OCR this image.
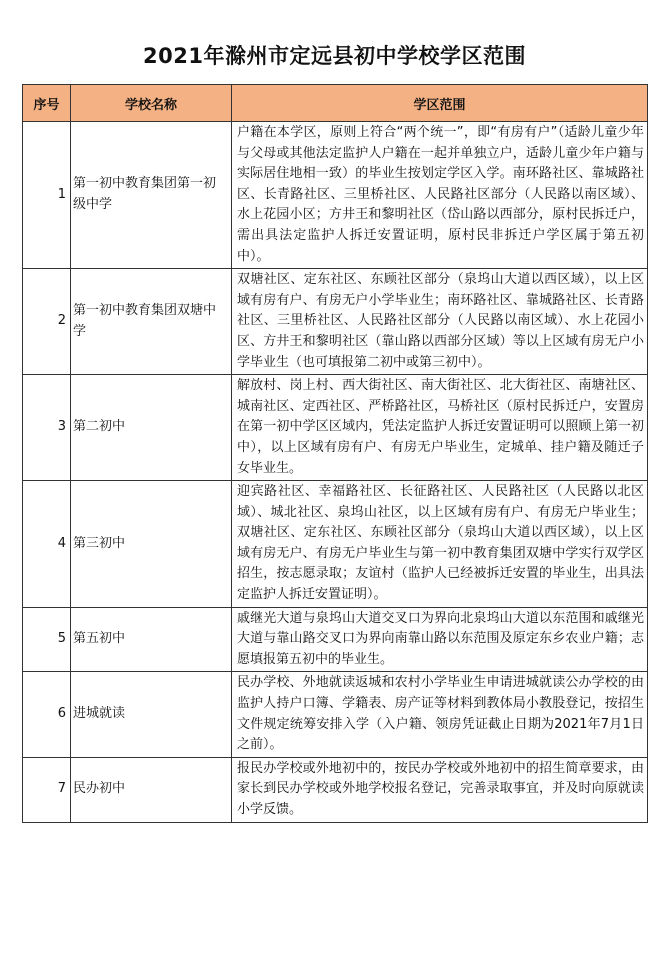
2021年滁州市定远县初中学校学区范围
序号	学校名称	学区范围
1	第一初中教育集团第一初级中学	户籍在本学区，原则上符合“两个统一”，即“有房有户”（适龄儿童少年与父母或其他法定监护人户籍在一起并单独立户，适龄儿童少年户籍与实际居住地相一致）的毕业生按划定学区入学。南环路社区、靠城路社区、长青路社区、三里桥社区、人民路社区部分（人民路以南区域）、水上花园小区；方井王和黎明社区（岱山路以西部分，原村民拆迁户，需出具法定监护人拆迁安置证明，原村民非拆迁户学区属于第五初中）。
2	第一初中教育集团双塘中学	双塘社区、定东社区、东顾社区部分（泉坞山大道以西区域），以上区域有房有户、有房无户小学毕业生；南环路社区、靠城路社区、长青路社区、三里桥社区、人民路社区部分（人民路以南区域）、水上花园小区、方井王和黎明社区（靠山路以西部分区域）等以上区域有房无户小学毕业生（也可填报第二初中或第三初中）。
3	第二初中	解放村、岗上村、西大街社区、南大街社区、北大街社区、南塘社区、城南社区、定西社区、严桥路社区，马桥社区（原村民拆迁户，安置房在第一初中学区区域内，凭法定监护人拆迁安置证明可以照顾上第一初中），以上区域有房有户、有房无户毕业生，定城单、挂户籍及随迁子女毕业生。
4	第三初中	迎宾路社区、幸福路社区、长征路社区、人民路社区（人民路以北区域）、城北社区、泉坞山社区，以上区域有房有户、有房无户毕业生；双塘社区、定东社区、东顾社区部分（泉坞山大道以西区域），以上区域有房无户、有房无户毕业生与第一初中教育集团双塘中学实行双学区招生，按志愿录取；友谊村（监护人已经被拆迁安置的毕业生，出具法定监护人拆迁安置证明）。
5	第五初中	戚继光大道与泉坞山大道交叉口为界向北泉坞山大道以东范围和戚继光大道与靠山路交叉口为界向南靠山路以东范围及原定东乡农业户籍；志愿填报第五初中的毕业生。
6	进城就读	民办学校、外地就读返城和农村小学毕业生申请进城就读公办学校的由监护人持户口簿、学籍表、房产证等材料到教体局小教股登记，按招生文件规定统筹安排入学（入户籍、领房凭证截止日期为2021年7月1日之前）。
7	民办初中	报民办学校或外地初中的，按民办学校或外地初中的招生简章要求，由家长到民办学校或外地学校报名登记，完善录取事宜，并及时向原就读小学反馈。
